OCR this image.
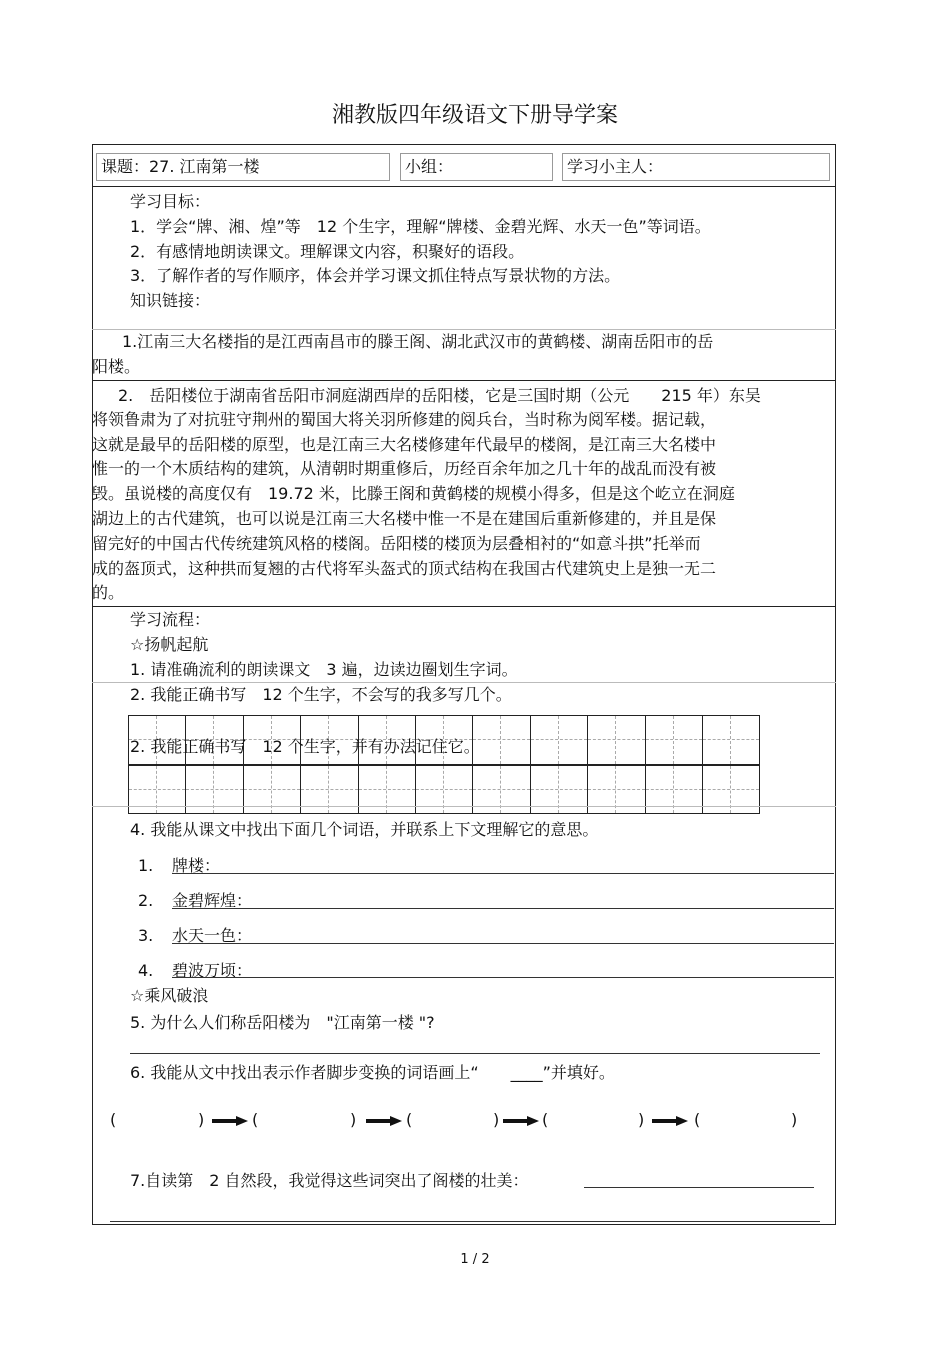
湘教版四年级语文下册导学案
课题：27. 江南第一楼	小组：	学习小主人：
学习目标：
1．学会“牌、湘、煌”等　12 个生字，理解“牌楼、金碧光辉、水天一色”等词语。
2．有感情地朗读课文。理解课文内容，积聚好的语段。
3．了解作者的写作顺序，体会并学习课文抓住特点写景状物的方法。
知识链接：
1.江南三大名楼指的是江西南昌市的滕王阁、湖北武汉市的黄鹤楼、湖南岳阳市的岳
阳楼。
2.　岳阳楼位于湖南省岳阳市洞庭湖西岸的岳阳楼，它是三国时期（公元　　215 年）东吴
将领鲁肃为了对抗驻守荆州的蜀国大将关羽所修建的阅兵台，当时称为阅军楼。据记载，
这就是最早的岳阳楼的原型，也是江南三大名楼修建年代最早的楼阁，是江南三大名楼中
惟一的一个木质结构的建筑，从清朝时期重修后，历经百余年加之几十年的战乱而没有被
毁。虽说楼的高度仅有　19.72 米，比滕王阁和黄鹤楼的规模小得多，但是这个屹立在洞庭
湖边上的古代建筑，也可以说是江南三大名楼中惟一不是在建国后重新修建的，并且是保
留完好的中国古代传统建筑风格的楼阁。岳阳楼的楼顶为层叠相衬的“如意斗拱”托举而
成的盔顶式，这种拱而复翘的古代将军头盔式的顶式结构在我国古代建筑史上是独一无二
的。
学习流程：
☆扬帆起航
1. 请准确流利的朗读课文　3 遍，边读边圈划生字词。
2. 我能正确书写　12 个生字，不会写的我多写几个。
2. 我能正确书写　12 个生字，并有办法记住它。
4. 我能从课文中找出下面几个词语，并联系上下文理解它的意思。
1. 牌楼：
2. 金碧辉煌：
3. 水天一色：
4. 碧波万顷：
☆乘风破浪
5. 为什么人们称岳阳楼为　"江南第一楼 "?
6. 我能从文中找出表示作者脚步变换的词语画上“　　____”并填好。
(	)	(	)	(	)	(	)	(	)
7.自读第　2 自然段，我觉得这些词突出了阁楼的壮美：
1 / 2
